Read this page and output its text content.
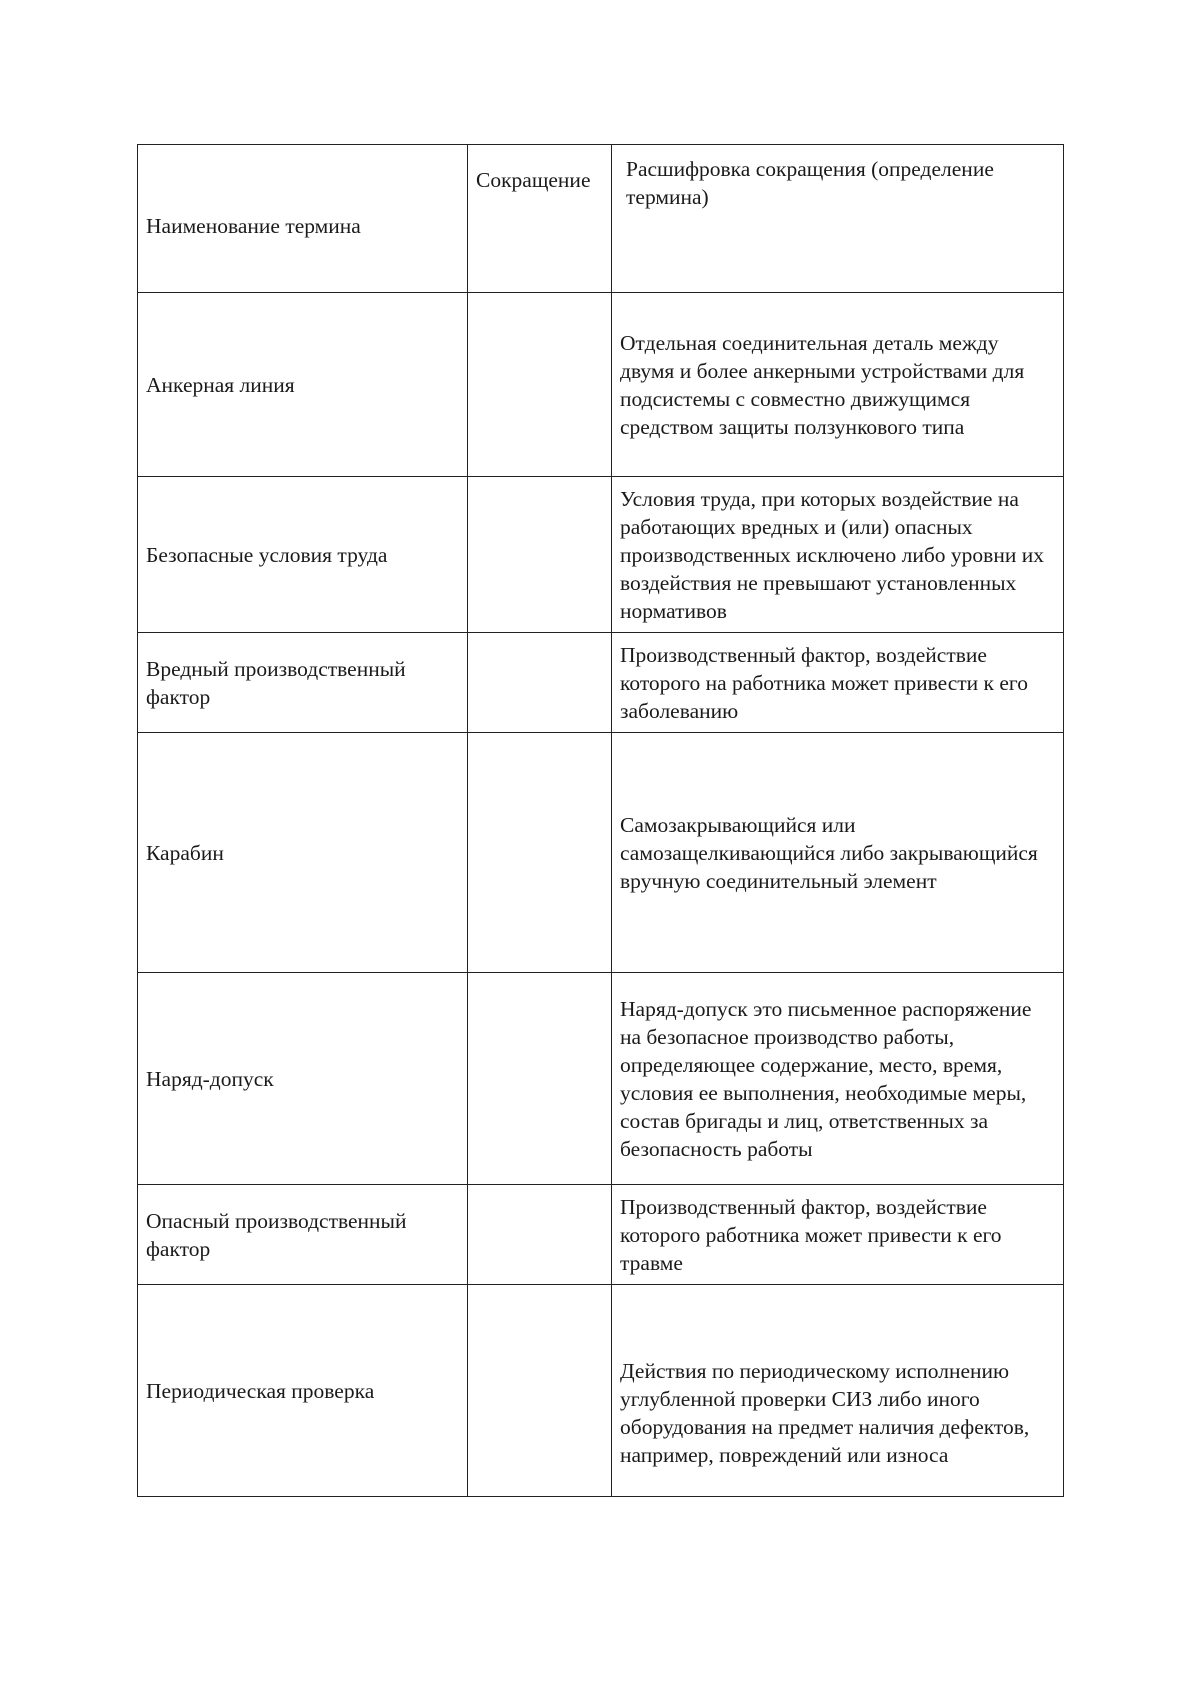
Наименование термина	Сокращение	Расшифровка сокращения (определение термина)
Анкерная линия		Отдельная соединительная деталь между двумя и более анкерными устройствами для подсистемы с совместно движущимся средством защиты ползункового типа
Безопасные условия труда		Условия труда, при которых воздействие на работающих вредных и (или) опасных производственных исключено либо уровни их воздействия не превышают установленных нормативов
Вредный производственный фактор		Производственный фактор, воздействие которого на работника может привести к его заболеванию
Карабин		Самозакрывающийся или самозащелкивающийся либо закрывающийся вручную соединительный элемент
Наряд-допуск		Наряд-допуск это письменное распоряжение на безопасное производство работы, определяющее содержание, место, время, условия ее выполнения, необходимые меры, состав бригады и лиц, ответственных за безопасность работы
Опасный производственный фактор		Производственный фактор, воздействие которого работника может привести к его травме
Периодическая проверка		Действия по периодическому исполнению углубленной проверки СИЗ либо иного оборудования на предмет наличия дефектов, например, повреждений или износа
